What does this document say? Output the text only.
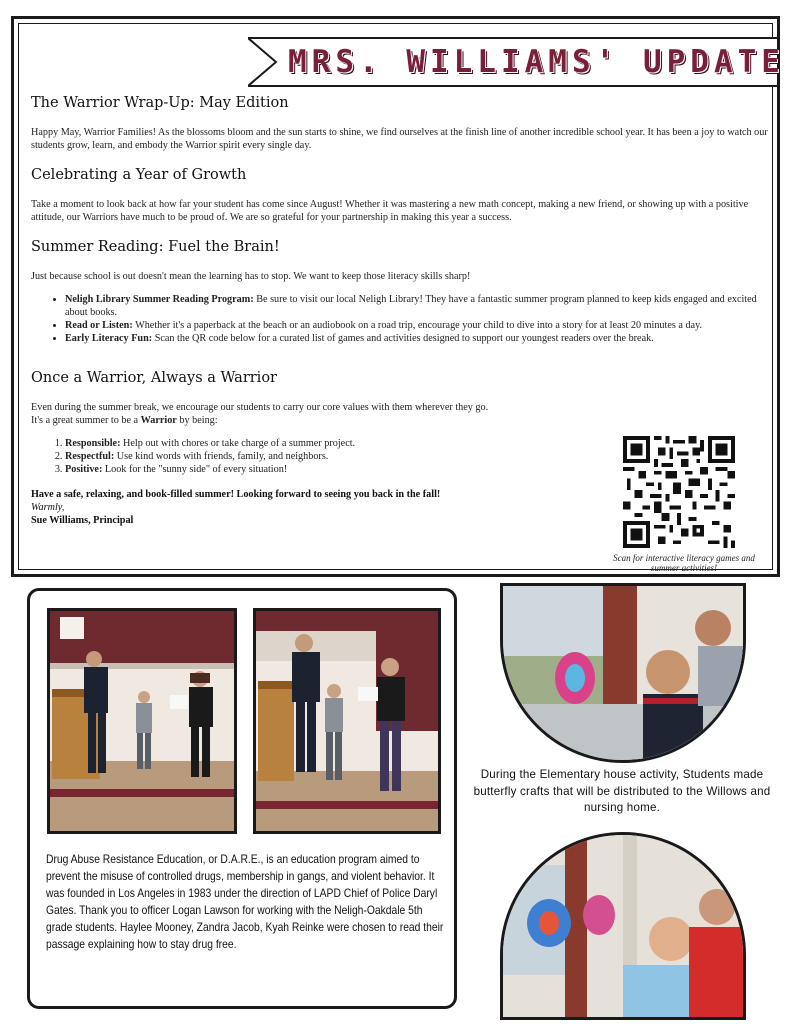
MRS. WILLIAMS' UPDATE
The Warrior Wrap-Up: May Edition

Happy May, Warrior Families! As the blossoms bloom and the sun starts to shine, we find ourselves at the finish line of another incredible school year. It has been a joy to watch our students grow, learn, and embody the Warrior spirit every single day.

Celebrating a Year of Growth

Take a moment to look back at how far your student has come since August! Whether it was mastering a new math concept, making a new friend, or showing up with a positive attitude, our Warriors have much to be proud of. We are so grateful for your partnership in making this year a success.

Summer Reading: Fuel the Brain!

Just because school is out doesn't mean the learning has to stop. We want to keep those literacy skills sharp!

• Neligh Library Summer Reading Program: Be sure to visit our local Neligh Library! They have a fantastic summer program planned to keep kids engaged and excited about books.
• Read or Listen: Whether it's a paperback at the beach or an audiobook on a road trip, encourage your child to dive into a story for at least 20 minutes a day.
• Early Literacy Fun: Scan the QR code below for a curated list of games and activities designed to support our youngest readers over the break.
Once a Warrior, Always a Warrior

Even during the summer break, we encourage our students to carry our core values with them wherever they go.
It's a great summer to be a Warrior by being:

1. Responsible: Help out with chores or take charge of a summer project.
2. Respectful: Use kind words with friends, family, and neighbors.
3. Positive: Look for the "sunny side" of every situation!
Have a safe, relaxing, and book-filled summer! Looking forward to seeing you back in the fall!
Warmly,
Sue Williams, Principal
Scan for interactive literacy games and summer activities!
Drug Abuse Resistance Education, or D.A.R.E., is an education program aimed to prevent the misuse of controlled drugs, membership in gangs, and violent behavior. It was founded in Los Angeles in 1983 under the direction of LAPD Chief of Police Daryl Gates. Thank you to officer Logan Lawson for working with the Neligh-Oakdale 5th grade students. Haylee Mooney, Zandra Jacob, Kyah Reinke were chosen to read their passage explaining how to stay drug free.
During the Elementary house activity, Students made butterfly crafts that will be distributed to the Willows and nursing home.
